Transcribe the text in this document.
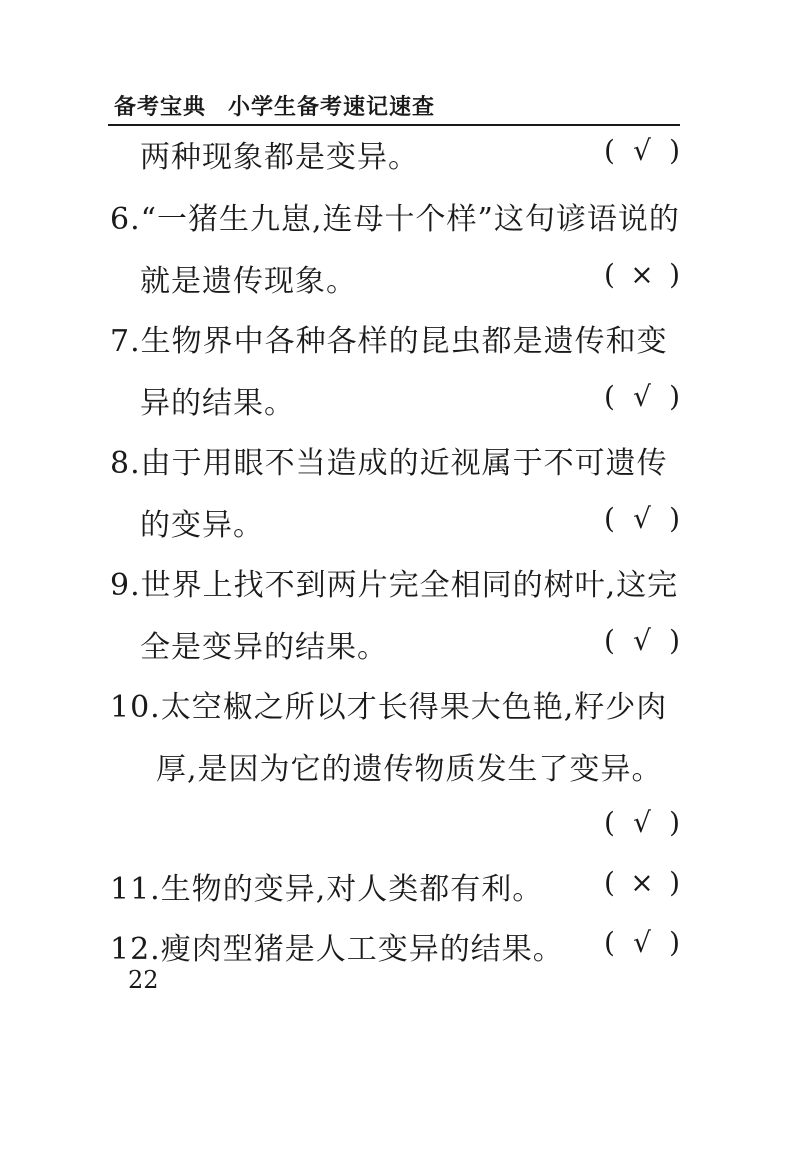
备考宝典 小学生备考速记速查
两种现象都是变异。	( √ )
6.“一猪生九崽,连母十个样”这句谚语说的
就是遗传现象。	( × )
7.生物界中各种各样的昆虫都是遗传和变
异的结果。	( √ )
8.由于用眼不当造成的近视属于不可遗传
的变异。	( √ )
9.世界上找不到两片完全相同的树叶,这完
全是变异的结果。	( √ )
10.太空椒之所以才长得果大色艳,籽少肉
厚,是因为它的遗传物质发生了变异。
( √ )
11.生物的变异,对人类都有利。 ( × )
12.瘦肉型猪是人工变异的结果。 ( √ )
22
